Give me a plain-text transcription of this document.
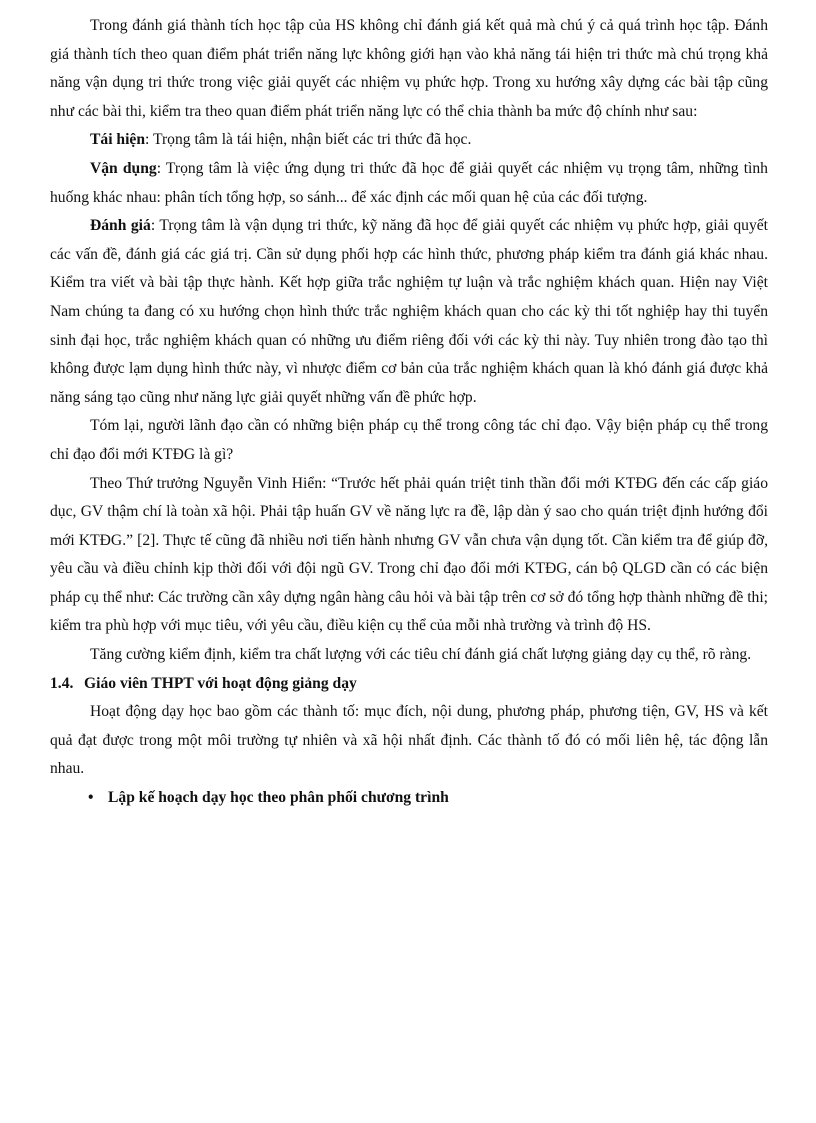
Trong đánh giá thành tích học tập của HS không chỉ đánh giá kết quả mà chú ý cả quá trình học tập. Đánh giá thành tích theo quan điểm phát triển năng lực không giới hạn vào khả năng tái hiện tri thức mà chú trọng khả năng vận dụng tri thức trong việc giải quyết các nhiệm vụ phức hợp. Trong xu hướng xây dựng các bài tập cũng như các bài thi, kiểm tra theo quan điểm phát triển năng lực có thể chia thành ba mức độ chính như sau:

Tái hiện: Trọng tâm là tái hiện, nhận biết các tri thức đã học.

Vận dụng: Trọng tâm là việc ứng dụng tri thức đã học để giải quyết các nhiệm vụ trọng tâm, những tình huống khác nhau: phân tích tổng hợp, so sánh... để xác định các mối quan hệ của các đối tượng.

Đánh giá: Trọng tâm là vận dụng tri thức, kỹ năng đã học để giải quyết các nhiệm vụ phức hợp, giải quyết các vấn đề, đánh giá các giá trị. Cần sử dụng phối hợp các hình thức, phương pháp kiểm tra đánh giá khác nhau. Kiểm tra viết và bài tập thực hành. Kết hợp giữa trắc nghiệm tự luận và trắc nghiệm khách quan. Hiện nay Việt Nam chúng ta đang có xu hướng chọn hình thức trắc nghiệm khách quan cho các kỳ thi tốt nghiệp hay thi tuyển sinh đại học, trắc nghiệm khách quan có những ưu điểm riêng đối với các kỳ thi này. Tuy nhiên trong đào tạo thì không được lạm dụng hình thức này, vì nhược điểm cơ bản của trắc nghiệm khách quan là khó đánh giá được khả năng sáng tạo cũng như năng lực giải quyết những vấn đề phức hợp.

Tóm lại, người lãnh đạo cần có những biện pháp cụ thể trong công tác chỉ đạo. Vậy biện pháp cụ thể trong chỉ đạo đổi mới KTĐG là gì?

Theo Thứ trưởng Nguyễn Vinh Hiển: “Trước hết phải quán triệt tinh thần đổi mới KTĐG đến các cấp giáo dục, GV thậm chí là toàn xã hội. Phải tập huấn GV về năng lực ra đề, lập dàn ý sao cho quán triệt định hướng đổi mới KTĐG.” [2]. Thực tế cũng đã nhiều nơi tiến hành nhưng GV vẫn chưa vận dụng tốt. Cần kiểm tra để giúp đỡ, yêu cầu và điều chỉnh kịp thời đối với đội ngũ GV. Trong chỉ đạo đổi mới KTĐG, cán bộ QLGD cần có các biện pháp cụ thể như: Các trường cần xây dựng ngân hàng câu hỏi và bài tập trên cơ sở đó tổng hợp thành những đề thi; kiểm tra phù hợp với mục tiêu, với yêu cầu, điều kiện cụ thể của mỗi nhà trường và trình độ HS.

Tăng cường kiểm định, kiểm tra chất lượng với các tiêu chí đánh giá chất lượng giảng dạy cụ thể, rõ ràng.

1.4. Giáo viên THPT với hoạt động giảng dạy

Hoạt động dạy học bao gồm các thành tố: mục đích, nội dung, phương pháp, phương tiện, GV, HS và kết quả đạt được trong một môi trường tự nhiên và xã hội nhất định. Các thành tố đó có mối liên hệ, tác động lẫn nhau.

• Lập kế hoạch dạy học theo phân phối chương trình
